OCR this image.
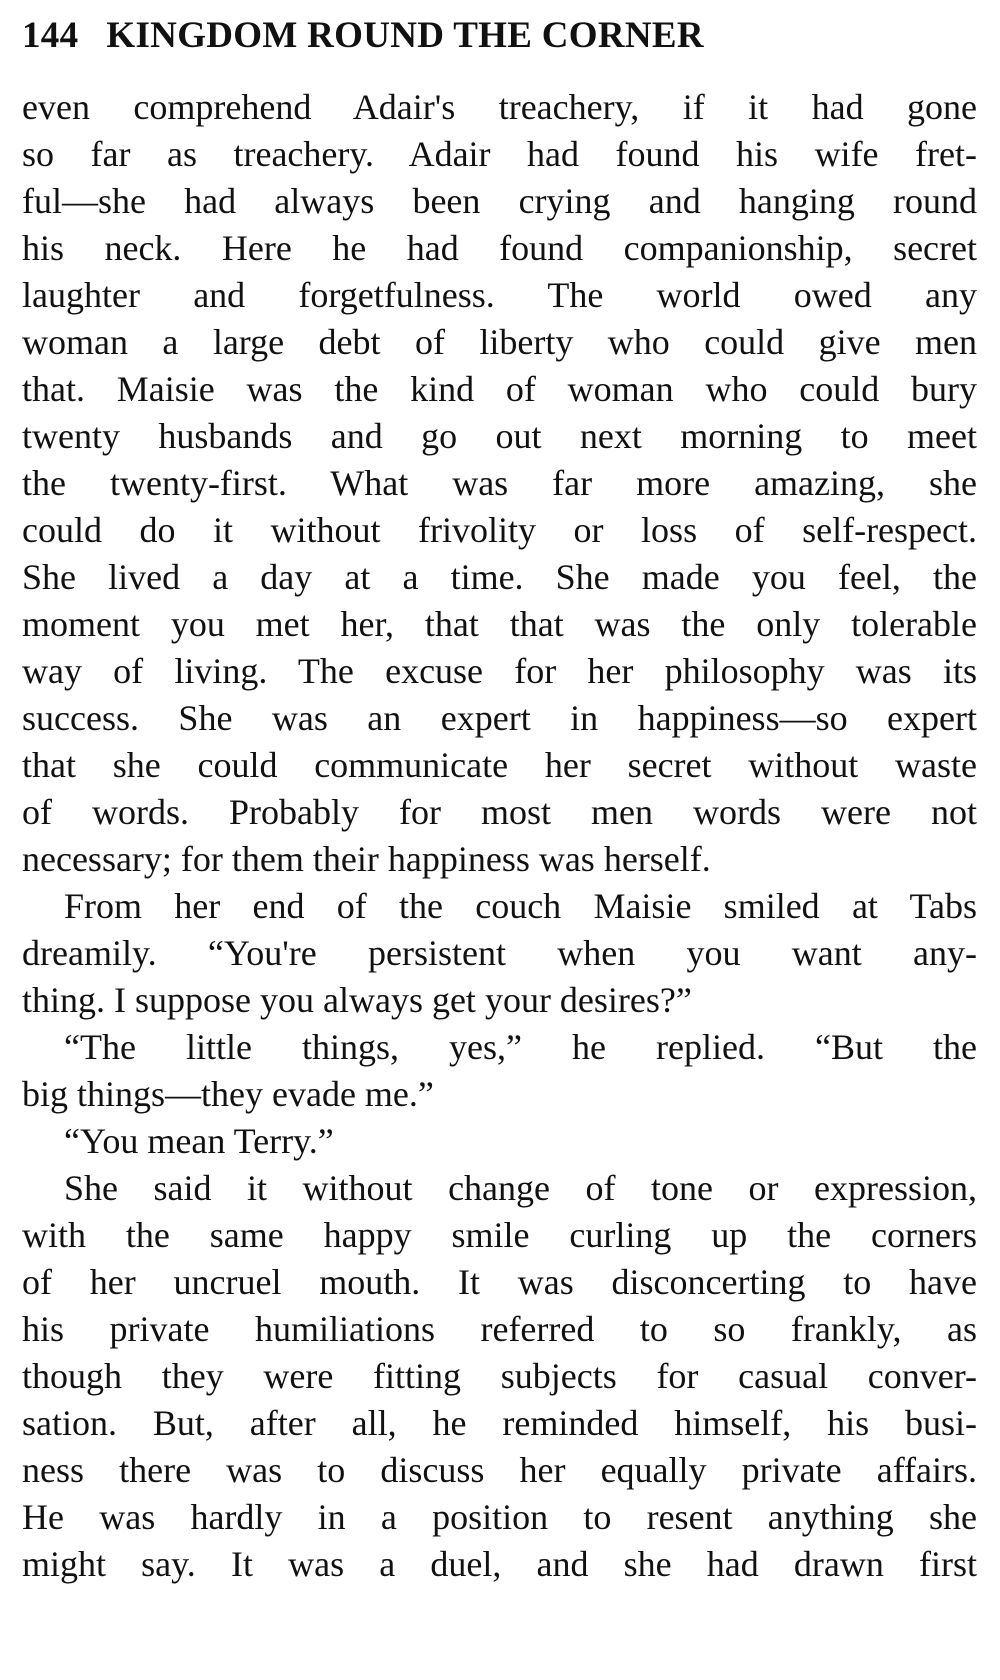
144 KINGDOM ROUND THE CORNER
even comprehend Adair's treachery, if it had gone
so far as treachery. Adair had found his wife fret-
ful—she had always been crying and hanging round
his neck. Here he had found companionship, secret
laughter and forgetfulness. The world owed any
woman a large debt of liberty who could give men
that. Maisie was the kind of woman who could bury
twenty husbands and go out next morning to meet
the twenty-first. What was far more amazing, she
could do it without frivolity or loss of self-respect.
She lived a day at a time. She made you feel, the
moment you met her, that that was the only tolerable
way of living. The excuse for her philosophy was its
success. She was an expert in happiness—so expert
that she could communicate her secret without waste
of words. Probably for most men words were not
necessary; for them their happiness was herself.
From her end of the couch Maisie smiled at Tabs
dreamily. “You're persistent when you want any-
thing. I suppose you always get your desires?”
“The little things, yes,” he replied. “But the
big things—they evade me.”
“You mean Terry.”
She said it without change of tone or expression,
with the same happy smile curling up the corners
of her uncruel mouth. It was disconcerting to have
his private humiliations referred to so frankly, as
though they were fitting subjects for casual conver-
sation. But, after all, he reminded himself, his busi-
ness there was to discuss her equally private affairs.
He was hardly in a position to resent anything she
might say. It was a duel, and she had drawn first
